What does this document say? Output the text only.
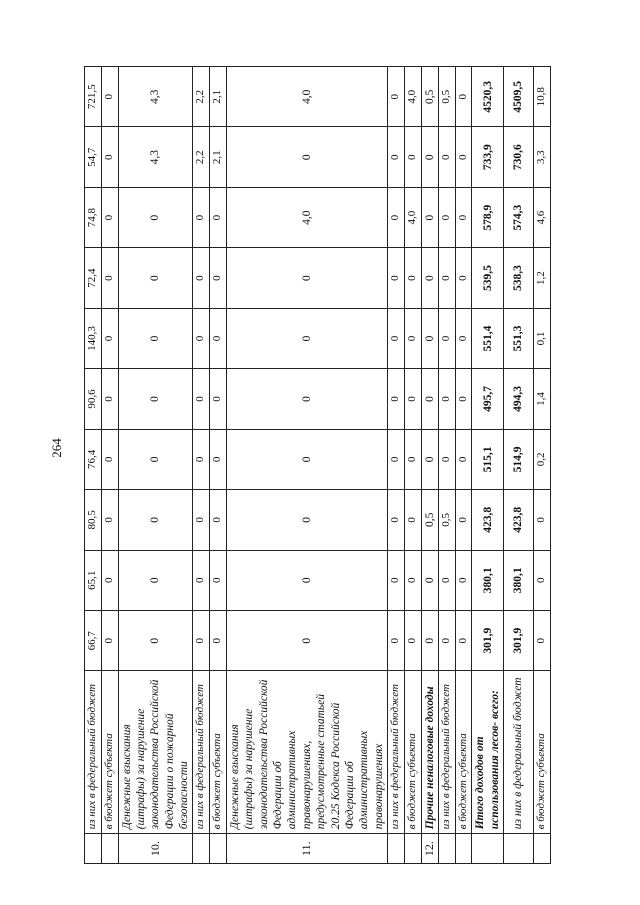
264
	из них в федеральный бюджет	66,7	65,1	80,5	76,4	90,6	140,3	72,4	74,8	54,7	721,5
	в бюджет субъекта	0	0	0	0	0	0	0	0	0	0
10.	Денежные взыскания (штрафы) за нарушение законодательства Российской Федерации о пожарной безопасности	0	0	0	0	0	0	0	0	4,3	4,3
	из них в федеральный бюджет	0	0	0	0	0	0	0	0	2,2	2,2
	в бюджет субъекта	0	0	0	0	0	0	0	0	2,1	2,1
11.	Денежные взыскания (штрафы) за нарушение законодательства Российской Федерации об административных правонарушениях, предусмотренные статьей 20.25 Кодекса Российской Федерации об административных правонарушениях	0	0	0	0	0	0	0	4,0	0	4,0
	из них в федеральный бюджет	0	0	0	0	0	0	0	0	0	0
	в бюджет субъекта	0	0	0	0	0	0	0	4,0	0	4,0
12.	Прочие неналоговые доходы	0	0	0,5	0	0	0	0	0	0	0,5
	из них в федеральный бюджет	0	0	0,5	0	0	0	0	0	0	0,5
	в бюджет субъекта	0	0	0	0	0	0	0	0	0	0
	Итого доходов от использования лесов- всего:	301,9	380,1	423,8	515,1	495,7	551,4	539,5	578,9	733,9	4520,3
	из них в федеральный бюджет	301,9	380,1	423,8	514,9	494,3	551,3	538,3	574,3	730,6	4509,5
	в бюджет субъекта	0	0	0	0,2	1,4	0,1	1,2	4,6	3,3	10,8
